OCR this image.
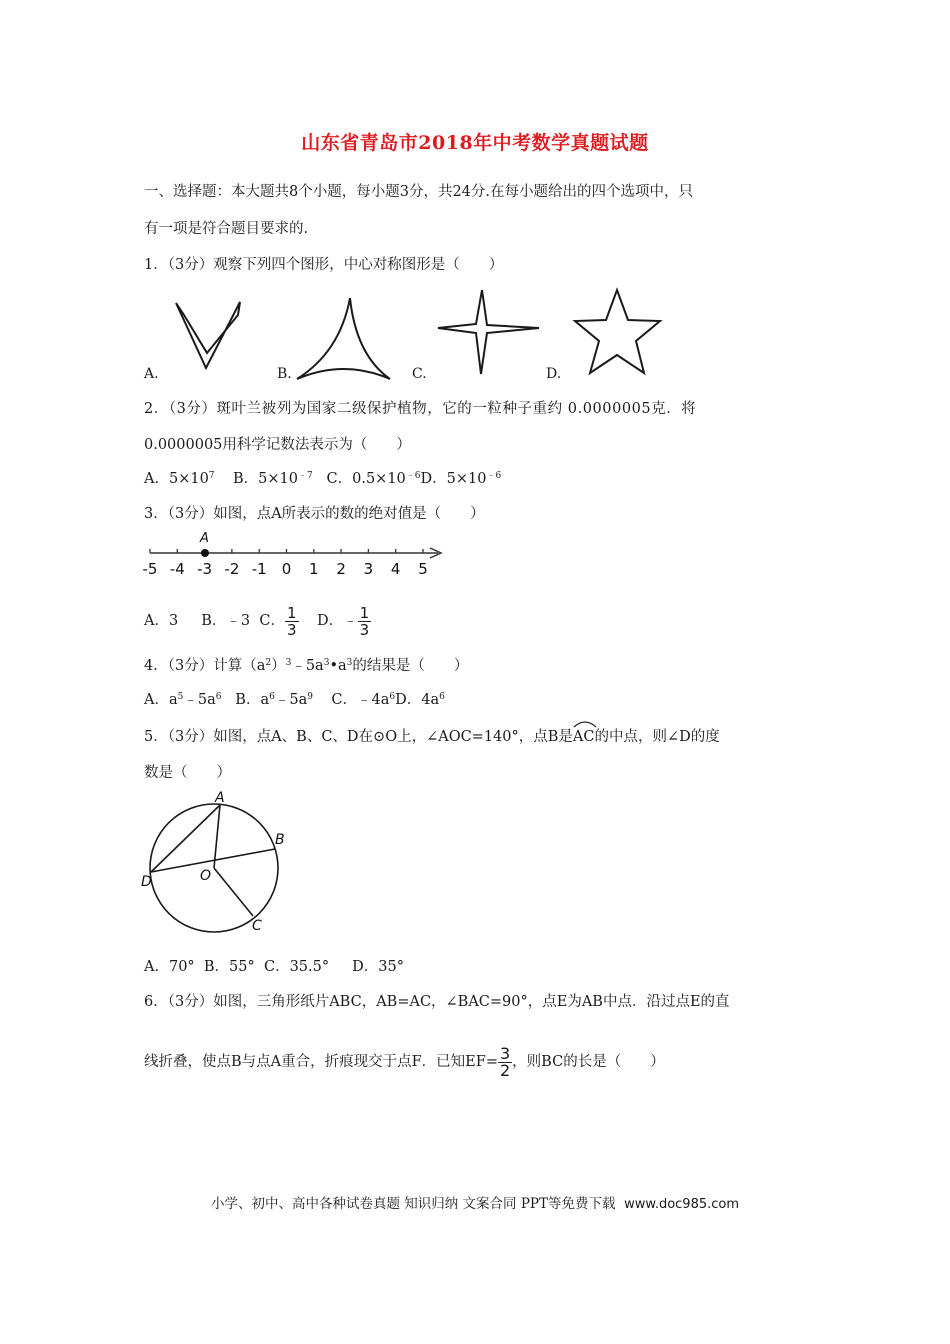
山东省青岛市2018年中考数学真题试题
一、选择题：本大题共8个小题，每小题3分，共24分.在每小题给出的四个选项中，只
有一项是符合题目要求的.
1．（3分）观察下列四个图形，中心对称图形是（　　）
A.	B.	C.	D.
2．（3分）斑叶兰被列为国家二级保护植物，它的一粒种子重约 0.0000005克．将
0.0000005用科学记数法表示为（　　）
A．$5\times 10^7$ B．$5\times 10^{﹣7}$ C．$0.5\times 10^{﹣6}D$．$5\times 10^{﹣6}$
3．（3分）如图，点A所表示的数的绝对值是（　　）
-5 -4 -3 -2 -1 0 1 2 3 4 5
A
A．3 B．﹣3 C． $\frac{1}{3}$ D．﹣ $\frac{1}{3}$
4．（3分）计算$(a^2)^3﹣5a^3•a^3$的结果是（　　）
A．$a^5﹣5a^6$ B．$a^6﹣5a^9$ C．$﹣4a^6D$．$4a^6$
5．（3分）如图，点A、B、C、D在⊙O上，∠AOC=140°，点B是
AC的中点，则∠D的度
数是（　　）
A
B
C
D	O
A．70° B．55° C．35.5° D．35°
6．（3分）如图，三角形纸片ABC，AB=AC，∠BAC=90°，点E为AB中点．沿过点E的直
线折叠，使点B与点A重合，折痕现交于点F．已知$EF= \frac{3}{2}$ ，则BC的长是（　　）
小学、初中、高中各种试卷真题 知识归纳 文案合同 PPT等免费下载 www.doc985.com
